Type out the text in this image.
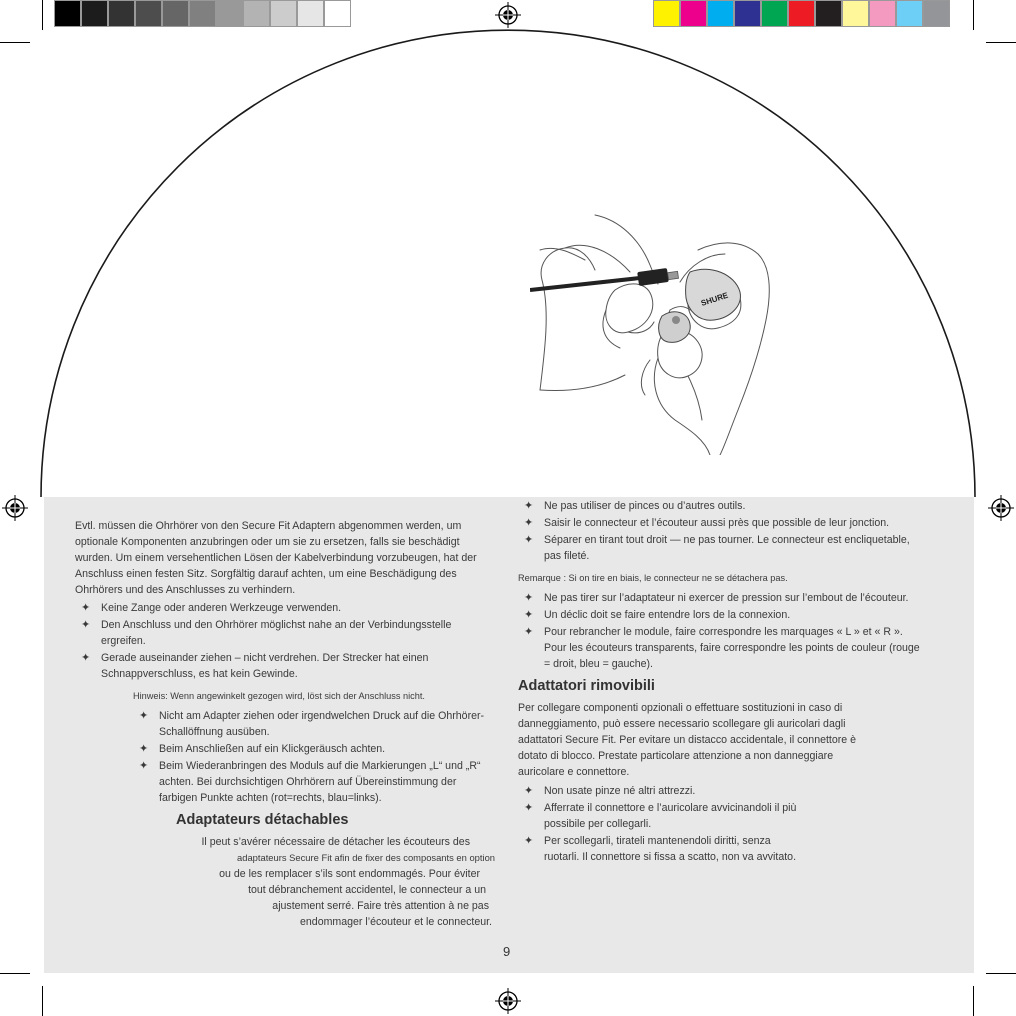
SHURE

Evtl. müssen die Ohrhörer von den Secure Fit Adaptern abgenommen werden, um optionale Komponenten anzubringen oder um sie zu ersetzen, falls sie beschädigt wurden. Um einem versehentlichen Lösen der Kabelverbindung vorzubeugen, hat der Anschluss einen festen Sitz. Sorgfältig darauf achten, um eine Beschädigung des Ohrhörers und des Anschlusses zu verhindern.

✦ Keine Zange oder anderen Werkzeuge verwenden.
✦ Den Anschluss und den Ohrhörer möglichst nahe an der Verbindungsstelle ergreifen.
✦ Gerade auseinander ziehen – nicht verdrehen. Der Strecker hat einen Schnappverschluss, es hat kein Gewinde.

Hinweis: Wenn angewinkelt gezogen wird, löst sich der Anschluss nicht.

✦ Nicht am Adapter ziehen oder irgendwelchen Druck auf die Ohrhörer-Schallöffnung ausüben.
✦ Beim Anschließen auf ein Klickgeräusch achten.
✦ Beim Wiederanbringen des Moduls auf die Markierungen „L“ und „R“ achten. Bei durchsichtigen Ohrhörern auf Übereinstimmung der farbigen Punkte achten (rot=rechts, blau=links).
Adaptateurs détachables
Il peut s’avérer nécessaire de détacher les écouteurs des
adaptateurs Secure Fit afin de fixer des composants en option
ou de les remplacer s’ils sont endommagés. Pour éviter
tout débranchement accidentel, le connecteur a un
ajustement serré. Faire très attention à ne pas
endommager l’écouteur et le connecteur.
✦ Ne pas utiliser de pinces ou d’autres outils.
✦ Saisir le connecteur et l’écouteur aussi près que possible de leur jonction.
✦ Séparer en tirant tout droit — ne pas tourner. Le connecteur est encliquetable, pas fileté.

Remarque : Si on tire en biais, le connecteur ne se détachera pas.

✦ Ne pas tirer sur l’adaptateur ni exercer de pression sur l’embout de l’écouteur.
✦ Un déclic doit se faire entendre lors de la connexion.
✦ Pour rebrancher le module, faire correspondre les marquages « L » et « R ». Pour les écouteurs transparents, faire correspondre les points de couleur (rouge = droit, bleu = gauche).
Adattatori rimovibili

Per collegare componenti opzionali o effettuare sostituzioni in caso di danneggiamento, può essere necessario scollegare gli auricolari dagli adattatori Secure Fit. Per evitare un distacco accidentale, il connettore è dotato di blocco. Prestate particolare attenzione a non danneggiare auricolare e connettore.

✦ Non usate pinze né altri attrezzi.
✦ Afferrate il connettore e l’auricolare avvicinandoli il più possibile per collegarli.
✦ Per scollegarli, tirateli mantenendoli diritti, senza ruotarli. Il connettore si fissa a scatto, non va avvitato.
9
